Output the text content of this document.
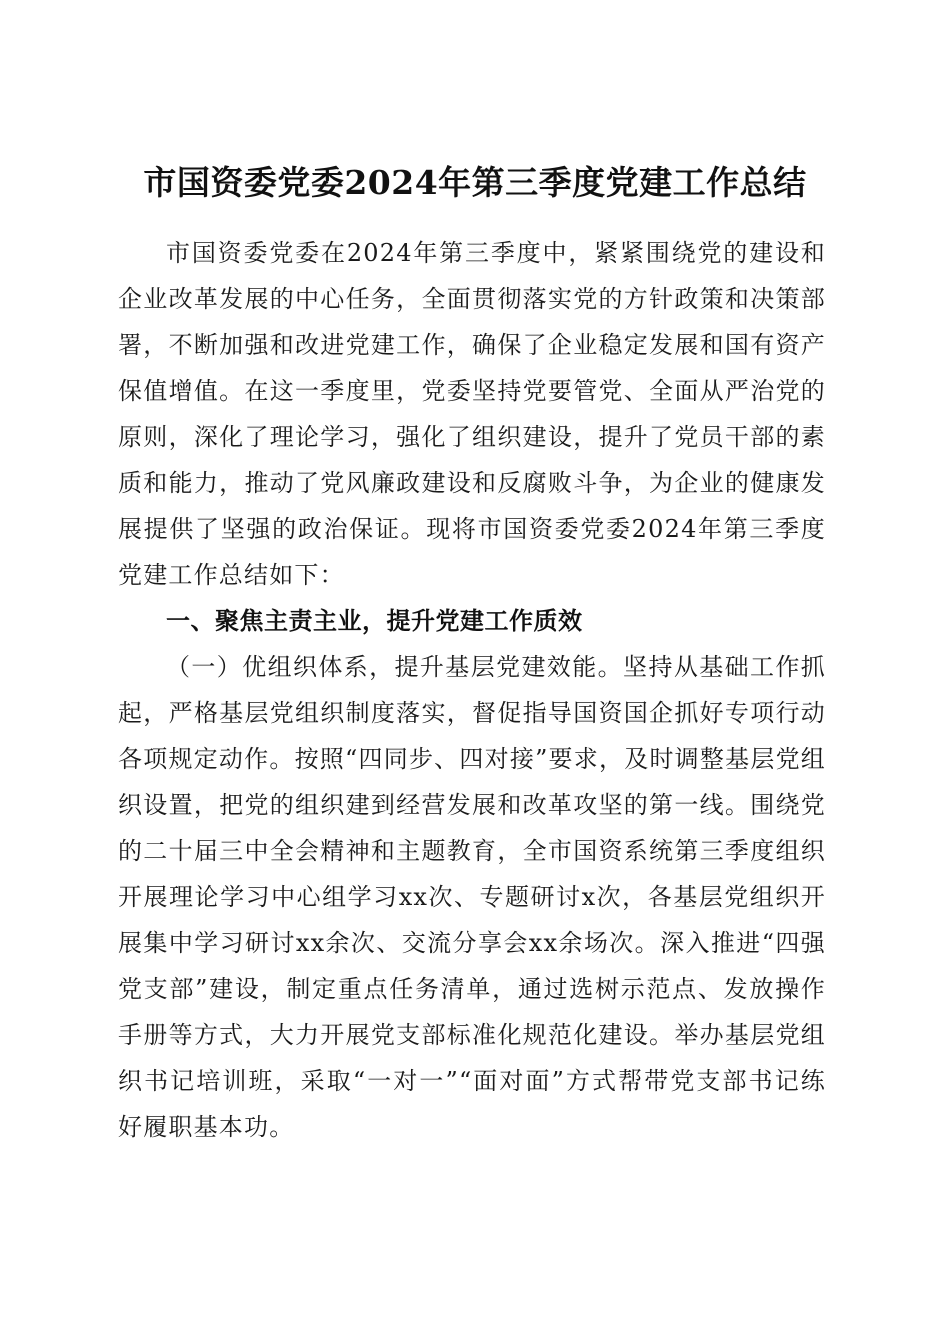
市国资委党委2024年第三季度党建工作总结

市国资委党委在2024年第三季度中，紧紧围绕党的建设和企业改革发展的中心任务，全面贯彻落实党的方针政策和决策部署，不断加强和改进党建工作，确保了企业稳定发展和国有资产保值增值。在这一季度里，党委坚持党要管党、全面从严治党的原则，深化了理论学习，强化了组织建设，提升了党员干部的素质和能力，推动了党风廉政建设和反腐败斗争，为企业的健康发展提供了坚强的政治保证。现将市国资委党委2024年第三季度党建工作总结如下：

一、聚焦主责主业，提升党建工作质效

（一）优组织体系，提升基层党建效能。坚持从基础工作抓起，严格基层党组织制度落实，督促指导国资国企抓好专项行动各项规定动作。按照“四同步、四对接”要求，及时调整基层党组织设置，把党的组织建到经营发展和改革攻坚的第一线。围绕党的二十届三中全会精神和主题教育，全市国资系统第三季度组织开展理论学习中心组学习xx次、专题研讨x次，各基层党组织开展集中学习研讨xx余次、交流分享会xx余场次。深入推进“四强党支部”建设，制定重点任务清单，通过选树示范点、发放操作手册等方式，大力开展党支部标准化规范化建设。举办基层党组织书记培训班，采取“一对一”“面对面”方式帮带党支部书记练好履职基本功。
